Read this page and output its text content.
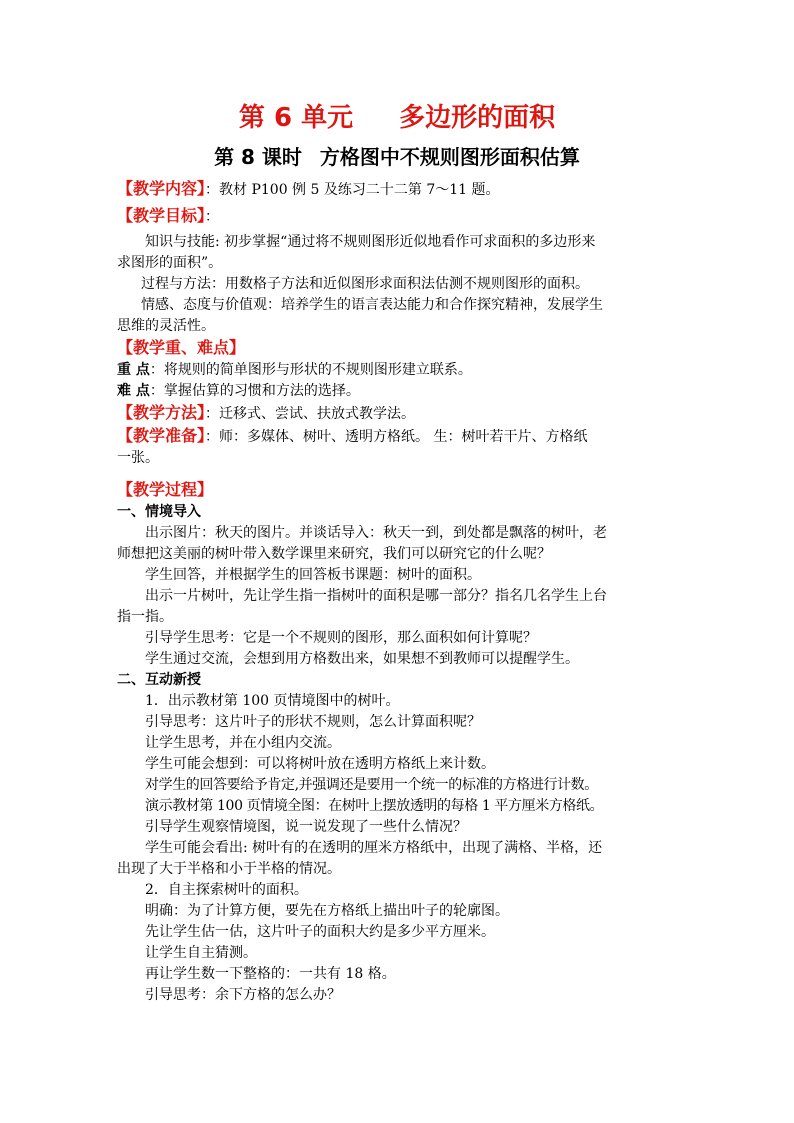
第 6 单元 多边形的面积
第 8 课时 方格图中不规则图形面积估算
【教学内容】：教材 P100 例 5 及练习二十二第 7～11 题。
【教学目标】：
知识与技能: 初步掌握“通过将不规则图形近似地看作可求面积的多边形来
求图形的面积”。
过程与方法：用数格子方法和近似图形求面积法估测不规则图形的面积。
情感、态度与价值观：培养学生的语言表达能力和合作探究精神，发展学生
思维的灵活性。
【教学重、难点】
重 点：将规则的简单图形与形状的不规则图形建立联系。
难 点：掌握估算的习惯和方法的选择。
【教学方法】：迁移式、尝试、扶放式教学法。
【教学准备】：师：多媒体、树叶、透明方格纸。 生：树叶若干片、方格纸
一张。
【教学过程】
一、情境导入
出示图片：秋天的图片。并谈话导入：秋天一到，到处都是飘落的树叶，老
师想把这美丽的树叶带入数学课里来研究，我们可以研究它的什么呢？
学生回答，并根据学生的回答板书课题：树叶的面积。
出示一片树叶，先让学生指一指树叶的面积是哪一部分？指名几名学生上台
指一指。
引导学生思考：它是一个不规则的图形，那么面积如何计算呢？
学生通过交流，会想到用方格数出来，如果想不到教师可以提醒学生。
二、互动新授
1．出示教材第 100 页情境图中的树叶。
引导思考：这片叶子的形状不规则，怎么计算面积呢？
让学生思考，并在小组内交流。
学生可能会想到：可以将树叶放在透明方格纸上来计数。
对学生的回答要给予肯定,并强调还是要用一个统一的标准的方格进行计数。
演示教材第 100 页情境全图：在树叶上摆放透明的每格 1 平方厘米方格纸。
引导学生观察情境图，说一说发现了一些什么情况？
学生可能会看出: 树叶有的在透明的厘米方格纸中，出现了满格、半格，还
出现了大于半格和小于半格的情况。
2．自主探索树叶的面积。
明确：为了计算方便，要先在方格纸上描出叶子的轮廓图。
先让学生估一估，这片叶子的面积大约是多少平方厘米。
让学生自主猜测。
再让学生数一下整格的：一共有 18 格。
引导思考：余下方格的怎么办？
